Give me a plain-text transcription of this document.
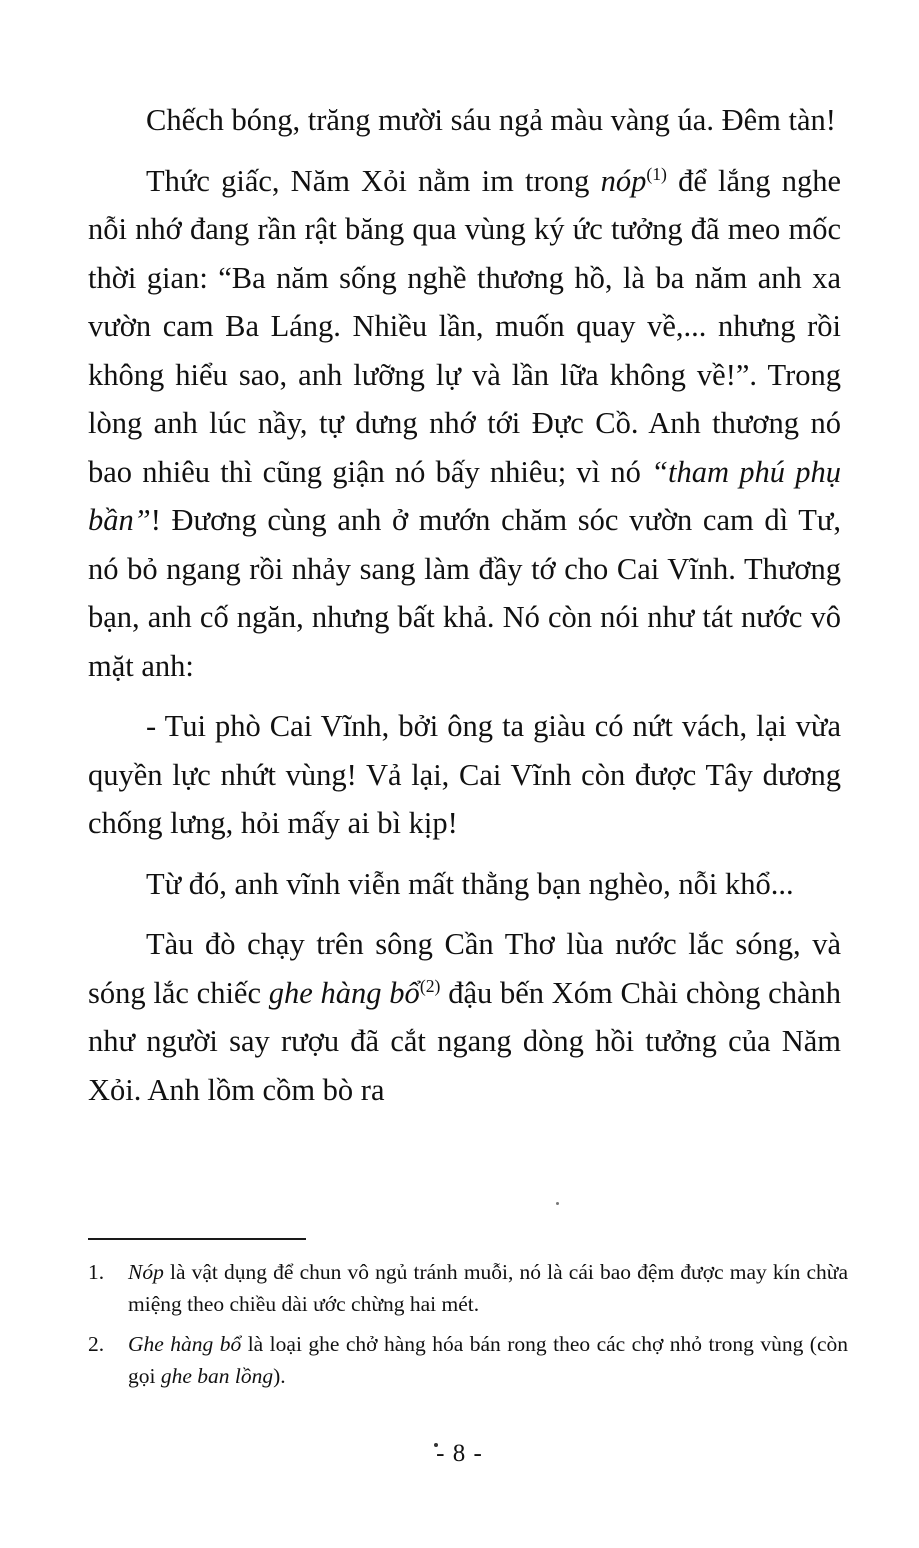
Chếch bóng, trăng mười sáu ngả màu vàng úa. Đêm tàn!

Thức giấc, Năm Xỏi nằm im trong nóp$^{(1)}$ để lắng nghe nỗi nhớ đang rần rật băng qua vùng ký ức tưởng đã meo mốc thời gian: “Ba năm sống nghề thương hồ, là ba năm anh xa vườn cam Ba Láng. Nhiều lần, muốn quay về,... nhưng rồi không hiểu sao, anh lưỡng lự và lần lữa không về!”. Trong lòng anh lúc nầy, tự dưng nhớ tới Đực Cồ. Anh thương nó bao nhiêu thì cũng giận nó bấy nhiêu; vì nó “tham phú phụ bần”! Đương cùng anh ở mướn chăm sóc vườn cam dì Tư, nó bỏ ngang rồi nhảy sang làm đầy tớ cho Cai Vĩnh. Thương bạn, anh cố ngăn, nhưng bất khả. Nó còn nói như tát nước vô mặt anh:

- Tui phò Cai Vĩnh, bởi ông ta giàu có nứt vách, lại vừa quyền lực nhứt vùng! Vả lại, Cai Vĩnh còn được Tây dương chống lưng, hỏi mấy ai bì kịp!

Từ đó, anh vĩnh viễn mất thằng bạn nghèo, nỗi khổ...

Tàu đò chạy trên sông Cần Thơ lùa nước lắc sóng, và sóng lắc chiếc ghe hàng bổ$^{(2)}$ đậu bến Xóm Chài chòng chành như người say rượu đã cắt ngang dòng hồi tưởng của Năm Xỏi. Anh lồm cồm bò ra

1.	Nóp là vật dụng để chun vô ngủ tránh muỗi, nó là cái bao đệm được may kín chừa miệng theo chiều dài ước chừng hai mét.
2.	Ghe hàng bổ là loại ghe chở hàng hóa bán rong theo các chợ nhỏ trong vùng (còn gọi ghe ban lồng).
- 8 -
